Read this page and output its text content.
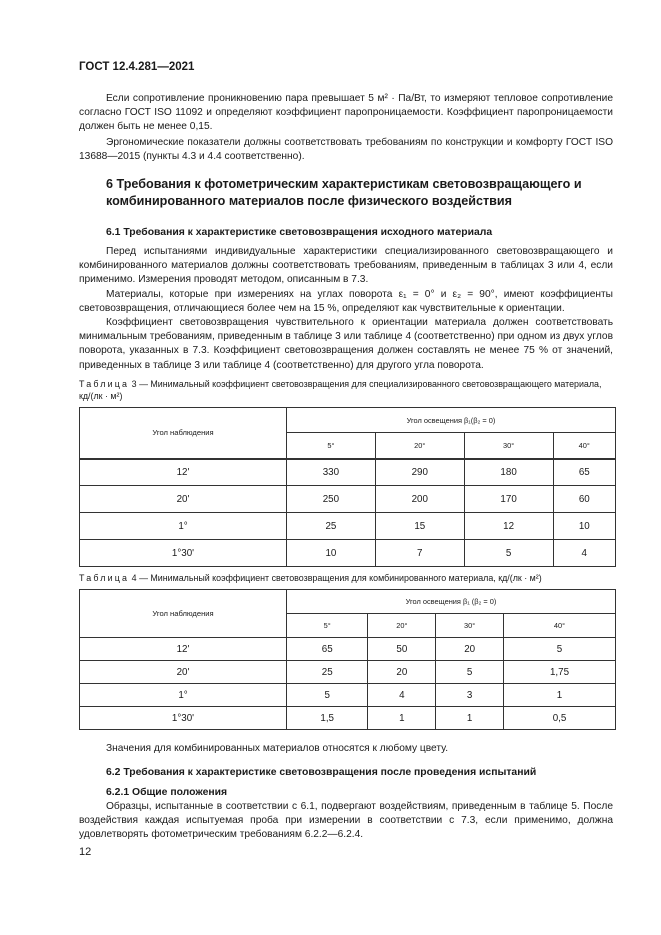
ГОСТ 12.4.281—2021

Если сопротивление проникновению пара превышает 5 м² · Па/Вт, то измеряют тепловое сопротивление согласно ГОСТ ISO 11092 и определяют коэффициент паропроницаемости. Коэффициент паропроницаемости должен быть не менее 0,15.

Эргономические показатели должны соответствовать требованиям по конструкции и комфорту ГОСТ ISO 13688—2015 (пункты 4.3 и 4.4 соответственно).

6 Требования к фотометрическим характеристикам световозвращающего и комбинированного материалов после физического воздействия
6.1 Требования к характеристике световозвращения исходного материала

Перед испытаниями индивидуальные характеристики специализированного световозвращающего и комбинированного материалов должны соответствовать требованиям, приведенным в таблицах 3 или 4, если применимо. Измерения проводят методом, описанным в 7.3.

Материалы, которые при измерениях на углах поворота ε₁ = 0° и ε₂ = 90°, имеют коэффициенты световозвращения, отличающиеся более чем на 15 %, определяют как чувствительные к ориентации.

Коэффициент световозвращения чувствительного к ориентации материала должен соответствовать минимальным требованиям, приведенным в таблице 3 или таблице 4 (соответственно) при одном из двух углов поворота, указанных в 7.3. Коэффициент световозвращения должен составлять не менее 75 % от значений, приведенных в таблице 3 или таблице 4 (соответственно) для другого угла поворота.

Таблица 3 — Минимальный коэффициент световозвращения для специализированного световозвращающего материала, кд/(лк · м²)
Угол наблюдения	Угол освещения β₁(β₂ = 0)			
	5°	20°	30°	40°
12'	330	290	180	65
20'	250	200	170	60
1°	25	15	12	10
1°30'	10	7	5	4
Таблица 4 — Минимальный коэффициент световозвращения для комбинированного материала, кд/(лк · м²)
Угол наблюдения	Угол освещения β₁ (β₂ = 0)			
	5°	20°	30°	40°
12'	65	50	20	5
20'	25	20	5	1,75
1°	5	4	3	1
1°30'	1,5	1	1	0,5
Значения для комбинированных материалов относятся к любому цвету.
6.2 Требования к характеристике световозвращения после проведения испытаний
6.2.1 Общие положения

Образцы, испытанные в соответствии с 6.1, подвергают воздействиям, приведенным в таблице 5. После воздействия каждая испытуемая проба при измерении в соответствии с 7.3, если применимо, должна удовлетворять фотометрическим требованиям 6.2.2—6.2.4.

12
